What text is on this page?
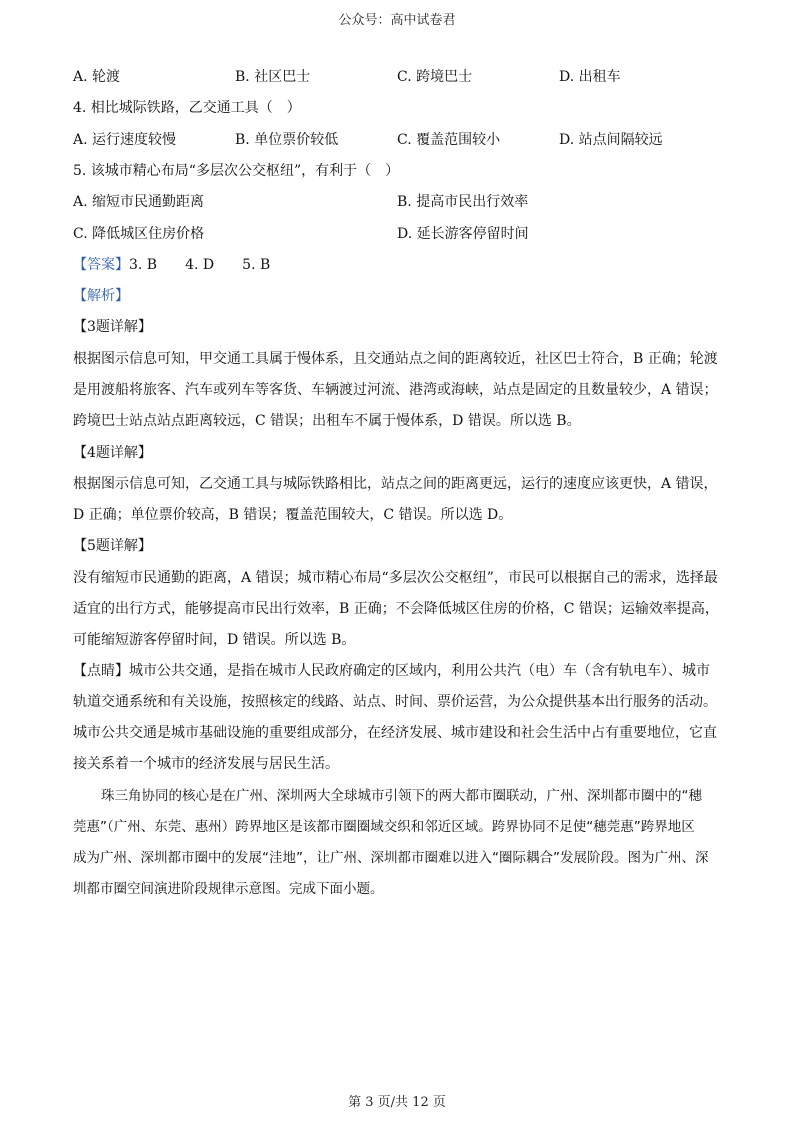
公众号：高中试卷君
A. 轮渡	B. 社区巴士	C. 跨境巴士	D. 出租车
4. 相比城际铁路，乙交通工具（　）
A. 运行速度较慢	B. 单位票价较低	C. 覆盖范围较小	D. 站点间隔较远
5. 该城市精心布局“多层次公交枢纽”，有利于（　）
A. 缩短市民通勤距离	B. 提高市民出行效率
C. 降低城区住房价格	D. 延长游客停留时间
【答案】3. B 4. D 5. B
【解析】
【3题详解】
根据图示信息可知，甲交通工具属于慢体系，且交通站点之间的距离较近，社区巴士符合，B 正确；轮渡
是用渡船将旅客、汽车或列车等客货、车辆渡过河流、港湾或海峡，站点是固定的且数量较少，A 错误；
跨境巴士站点站点距离较远，C 错误；出租车不属于慢体系，D 错误。所以选 B。
【4题详解】
根据图示信息可知，乙交通工具与城际铁路相比，站点之间的距离更远，运行的速度应该更快，A 错误，
D 正确；单位票价较高，B 错误；覆盖范围较大，C 错误。所以选 D。
【5题详解】
没有缩短市民通勤的距离，A 错误；城市精心布局“多层次公交枢纽”，市民可以根据自己的需求，选择最
适宜的出行方式，能够提高市民出行效率，B 正确；不会降低城区住房的价格，C 错误；运输效率提高，
可能缩短游客停留时间，D 错误。所以选 B。
【点睛】城市公共交通，是指在城市人民政府确定的区域内，利用公共汽（电）车（含有轨电车）、城市
轨道交通系统和有关设施，按照核定的线路、站点、时间、票价运营，为公众提供基本出行服务的活动。
城市公共交通是城市基础设施的重要组成部分，在经济发展、城市建设和社会生活中占有重要地位，它直
接关系着一个城市的经济发展与居民生活。
珠三角协同的核心是在广州、深圳两大全球城市引领下的两大都市圈联动，广州、深圳都市圈中的“穗
莞惠”（广州、东莞、惠州）跨界地区是该都市圈圈域交织和邻近区域。跨界协同不足使“穗莞惠”跨界地区
成为广州、深圳都市圈中的发展“洼地”，让广州、深圳都市圈难以进入“圈际耦合”发展阶段。图为广州、深
圳都市圈空间演进阶段规律示意图。完成下面小题。
第 3 页/共 12 页
